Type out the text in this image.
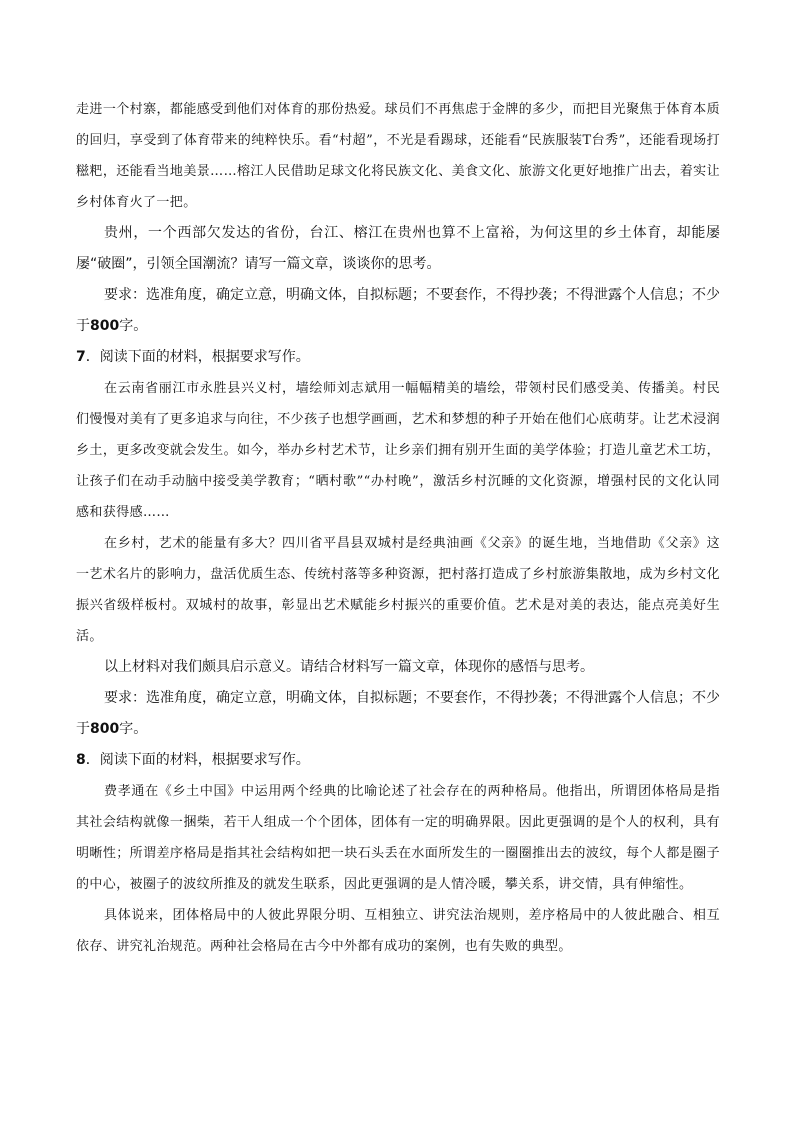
走进一个村寨，都能感受到他们对体育的那份热爱。球员们不再焦虑于金牌的多少，而把目光聚焦于体育本质的回归，享受到了体育带来的纯粹快乐。看“村超”，不光是看踢球，还能看“民族服装T台秀”，还能看现场打糍粑，还能看当地美景……榕江人民借助足球文化将民族文化、美食文化、旅游文化更好地推广出去，着实让乡村体育火了一把。

贵州，一个西部欠发达的省份，台江、榕江在贵州也算不上富裕，为何这里的乡土体育，却能屡屡“破圈”，引领全国潮流？请写一篇文章，谈谈你的思考。

要求：选准角度，确定立意，明确文体，自拟标题；不要套作，不得抄袭；不得泄露个人信息；不少于800字。

7．阅读下面的材料，根据要求写作。

在云南省丽江市永胜县兴义村，墙绘师刘志斌用一幅幅精美的墙绘，带领村民们感受美、传播美。村民们慢慢对美有了更多追求与向往，不少孩子也想学画画，艺术和梦想的种子开始在他们心底萌芽。让艺术浸润乡土，更多改变就会发生。如今，举办乡村艺术节，让乡亲们拥有别开生面的美学体验；打造儿童艺术工坊，让孩子们在动手动脑中接受美学教育；“晒村歌”“办村晚”，激活乡村沉睡的文化资源，增强村民的文化认同感和获得感……

在乡村，艺术的能量有多大？四川省平昌县双城村是经典油画《父亲》的诞生地，当地借助《父亲》这一艺术名片的影响力，盘活优质生态、传统村落等多种资源，把村落打造成了乡村旅游集散地，成为乡村文化振兴省级样板村。双城村的故事，彰显出艺术赋能乡村振兴的重要价值。艺术是对美的表达，能点亮美好生活。

以上材料对我们颇具启示意义。请结合材料写一篇文章，体现你的感悟与思考。

要求：选准角度，确定立意，明确文体，自拟标题；不要套作，不得抄袭；不得泄露个人信息；不少于800字。

8．阅读下面的材料，根据要求写作。

费孝通在《乡土中国》中运用两个经典的比喻论述了社会存在的两种格局。他指出，所谓团体格局是指其社会结构就像一捆柴，若干人组成一个个团体，团体有一定的明确界限。因此更强调的是个人的权利，具有明晰性；所谓差序格局是指其社会结构如把一块石头丢在水面所发生的一圈圈推出去的波纹，每个人都是圈子的中心，被圈子的波纹所推及的就发生联系，因此更强调的是人情冷暖，攀关系，讲交情，具有伸缩性。

具体说来，团体格局中的人彼此界限分明、互相独立、讲究法治规则，差序格局中的人彼此融合、相互依存、讲究礼治规范。两种社会格局在古今中外都有成功的案例，也有失败的典型。
